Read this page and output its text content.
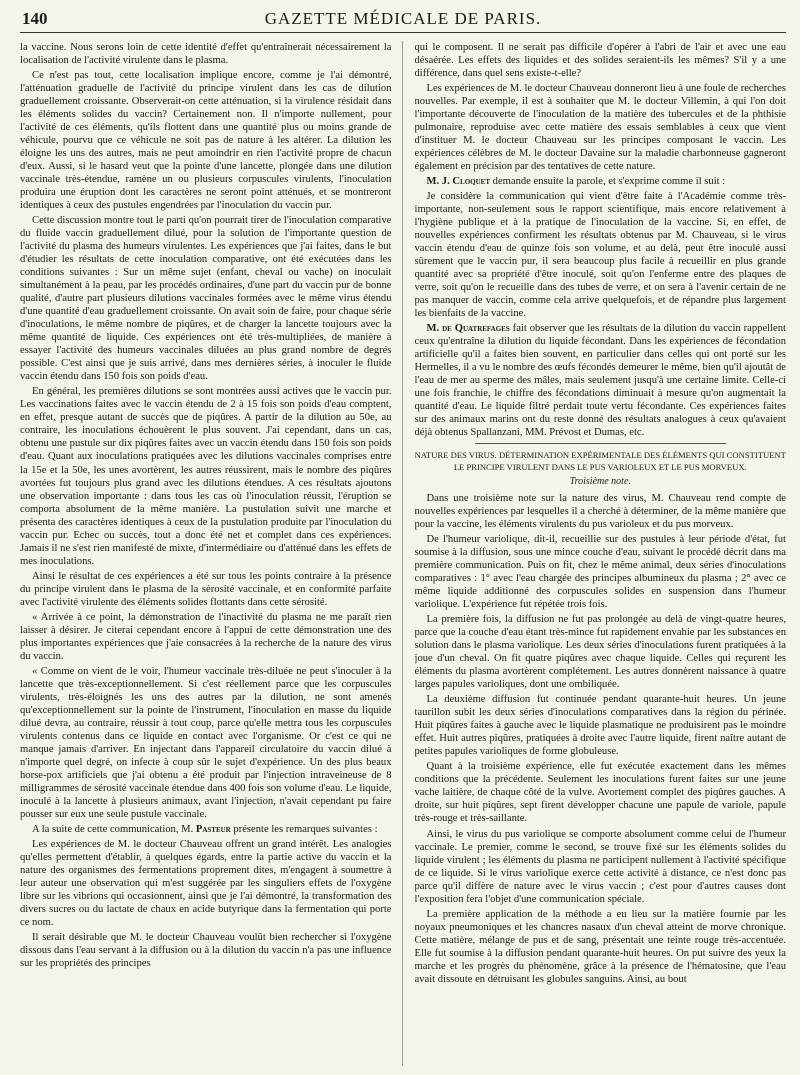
140	GAZETTE MÉDICALE DE PARIS.

la vaccine. Nous serons loin de cette identité d'effet qu'entraînerait nécessairement la localisation de l'activité virulente dans le plasma.

Ce n'est pas tout, cette localisation implique encore, comme je l'ai démontré, l'atténuation graduelle de l'activité du principe virulent dans les cas de dilution graduellement croissante. Observerait-on cette atténuation, si la virulence résidait dans les éléments solides du vaccin? Certainement non. Il n'importe nullement, pour l'activité de ces éléments, qu'ils flottent dans une quantité plus ou moins grande de véhicule, pourvu que ce véhicule ne soit pas de nature à les altérer. La dilution les éloigne les uns des autres, mais ne peut amoindrir en rien l'activité propre de chacun d'eux. Aussi, si le hasard veut que la pointe d'une lancette, plongée dans une dilution vaccinale très-étendue, ramène un ou plusieurs corpuscules virulents, l'inoculation produira une éruption dont les caractères ne seront point atténués, et se montreront identiques à ceux des pustules engendrées par l'inoculation du vaccin pur.

Cette discussion montre tout le parti qu'on pourrait tirer de l'inoculation comparative du fluide vaccin graduellement dilué, pour la solution de l'importante question de l'activité du plasma des humeurs virulentes. Les expériences que j'ai faites, dans le but d'étudier les résultats de cette inoculation comparative, ont été exécutées dans les conditions suivantes : Sur un même sujet (enfant, cheval ou vache) on inoculait simultanément à la peau, par les procédés ordinaires, d'une part du vaccin pur de bonne qualité, d'autre part plusieurs dilutions vaccinales formées avec le même virus étendu d'une quantité d'eau graduellement croissante. On avait soin de faire, pour chaque série d'inoculations, le même nombre de piqûres, et de charger la lancette toujours avec la même quantité de liquide. Ces expériences ont été très-multipliées, de manière à essayer l'activité des humeurs vaccinales diluées au plus grand nombre de degrés possible. C'est ainsi que je suis arrivé, dans mes dernières séries, à inoculer le fluide vaccin étendu dans 150 fois son poids d'eau.

En général, les premières dilutions se sont montrées aussi actives que le vaccin pur. Les vaccinations faites avec le vaccin étendu de 2 à 15 fois son poids d'eau comptent, en effet, presque autant de succès que de piqûres. A partir de la dilution au 50e, au contraire, les inoculations échouèrent le plus souvent. J'ai cependant, dans un cas, obtenu une pustule sur dix piqûres faites avec un vaccin étendu dans 150 fois son poids d'eau. Quant aux inoculations pratiquées avec les dilutions vaccinales comprises entre la 15e et la 50e, les unes avortèrent, les autres réussirent, mais le nombre des piqûres avortées fut toujours plus grand avec les dilutions étendues. A ces résultats ajoutons une observation importante : dans tous les cas où l'inoculation réussit, l'éruption se comporta absolument de la même manière. La pustulation suivit une marche et présenta des caractères identiques à ceux de la pustulation produite par l'inoculation du vaccin pur. Echec ou succès, tout a donc été net et complet dans ces expériences. Jamais il ne s'est rien manifesté de mixte, d'intermédiaire ou d'atténué dans les effets de mes inoculations.

Ainsi le résultat de ces expériences a été sur tous les points contraire à la présence du principe virulent dans le plasma de la sérosité vaccinale, et en conformité parfaite avec l'activité virulente des éléments solides flottants dans cette sérosité.

« Arrivée à ce point, la démonstration de l'inactivité du plasma ne me paraît rien laisser à désirer. Je citerai cependant encore à l'appui de cette démonstration une des plus importantes expériences que j'aie consacrées à la recherche de la nature des virus du vaccin.

« Comme on vient de le voir, l'humeur vaccinale très-diluée ne peut s'inoculer à la lancette que très-exceptionnellement. Si c'est réellement parce que les corpuscules virulents, très-éloignés les uns des autres par la dilution, ne sont amenés qu'exceptionnellement sur la pointe de l'instrument, l'inoculation en masse du liquide dilué devra, au contraire, réussir à tout coup, parce qu'elle mettra tous les corpuscules virulents contenus dans ce liquide en contact avec l'organisme. Or c'est ce qui ne manque jamais d'arriver. En injectant dans l'appareil circulatoire du vaccin dilué à n'importe quel degré, on infecte à coup sûr le sujet d'expérience. Un des plus beaux horse-pox artificiels que j'ai obtenu a été produit par l'injection intraveineuse de 8 milligrammes de sérosité vaccinale étendue dans 400 fois son volume d'eau. Le liquide, inoculé à la lancette à plusieurs animaux, avant l'injection, n'avait cependant pu faire pousser sur eux une seule pustule vaccinale.

A la suite de cette communication, M. Pasteur présente les remarques suivantes :

Les expériences de M. le docteur Chauveau offrent un grand intérêt. Les analogies qu'elles permettent d'établir, à quelques égards, entre la partie active du vaccin et la nature des organismes des fermentations proprement dites, m'engagent à soumettre à leur auteur une observation qui m'est suggérée par les singuliers effets de l'oxygène libre sur les vibrions qui occasionnent, ainsi que je l'ai démontré, la transformation des divers sucres ou du lactate de chaux en acide butyrique dans la fermentation qui porte ce nom.

Il serait désirable que M. le docteur Chauveau voulût bien rechercher si l'oxygène dissous dans l'eau servant à la diffusion ou à la dilution du vaccin n'a pas une influence sur les propriétés des principes

qui le composent. Il ne serait pas difficile d'opérer à l'abri de l'air et avec une eau désaérée. Les effets des liquides et des solides seraient-ils les mêmes? S'il y a une différence, dans quel sens existe-t-elle?

Les expériences de M. le docteur Chauveau donneront lieu à une foule de recherches nouvelles. Par exemple, il est à souhaiter que M. le docteur Villemin, à qui l'on doit l'importante découverte de l'inoculation de la matière des tubercules et de la phthisie pulmonaire, reproduise avec cette matière des essais semblables à ceux que vient d'instituer M. le docteur Chauveau sur les principes composant le vaccin. Les expériences célèbres de M. le docteur Davaine sur la maladie charbonneuse gagneront également en précision par des tentatives de cette nature.

M. J. Cloquet demande ensuite la parole, et s'exprime comme il suit :

Je considère la communication qui vient d'être faite à l'Académie comme très-importante, non-seulement sous le rapport scientifique, mais encore relativement à l'hygiène publique et à la pratique de l'inoculation de la vaccine. Si, en effet, de nouvelles expériences confirment les résultats obtenus par M. Chauveau, si le virus vaccin étendu d'eau de quinze fois son volume, et au delà, peut être inoculé aussi sûrement que le vaccin pur, il sera beaucoup plus facile à recueillir en plus grande quantité avec sa propriété d'être inoculé, soit qu'on l'enferme entre des plaques de verre, soit qu'on le recueille dans des tubes de verre, et on sera à l'avenir certain de ne pas manquer de vaccin, comme cela arrive quelquefois, et de répandre plus largement les bienfaits de la vaccine.

M. de Quatrefages fait observer que les résultats de la dilution du vaccin rappellent ceux qu'entraîne la dilution du liquide fécondant. Dans les expériences de fécondation artificielle qu'il a faites bien souvent, en particulier dans celles qui ont porté sur les Hermelles, il a vu le nombre des œufs fécondés demeurer le même, bien qu'il ajoutât de l'eau de mer au sperme des mâles, mais seulement jusqu'à une certaine limite. Celle-ci une fois franchie, le chiffre des fécondations diminuait à mesure qu'on augmentait la quantité d'eau. Le liquide filtré perdait toute vertu fécondante. Ces expériences faites sur des animaux marins ont du reste donné des résultats analogues à ceux qu'avaient déjà obtenus Spallanzani, MM. Prévost et Dumas, etc.

NATURE DES VIRUS. DÉTERMINATION EXPÉRIMENTALE DES ÉLÉMENTS QUI CONSTITUENT LE PRINCIPE VIRULENT DANS LE PUS VARIOLEUX ET LE PUS MORVEUX.

Troisième note.

Dans une troisième note sur la nature des virus, M. Chauveau rend compte de nouvelles expériences par lesquelles il a cherché à déterminer, de la même manière que pour la vaccine, les éléments virulents du pus varioleux et du pus morveux.

De l'humeur variolique, dit-il, recueillie sur des pustules à leur période d'état, fut soumise à la diffusion, sous une mince couche d'eau, suivant le procédé décrit dans ma première communication. Puis on fit, chez le même animal, deux séries d'inoculations comparatives : 1° avec l'eau chargée des principes albumineux du plasma ; 2° avec ce même liquide additionné des corpuscules solides en suspension dans l'humeur variolique. L'expérience fut répétée trois fois.

La première fois, la diffusion ne fut pas prolongée au delà de vingt-quatre heures, parce que la couche d'eau étant très-mince fut rapidement envahie par les substances en solution dans le plasma variolique. Les deux séries d'inoculations furent pratiquées à la joue d'un cheval. On fit quatre piqûres avec chaque liquide. Celles qui reçurent les éléments du plasma avortèrent complétement. Les autres donnèrent naissance à quatre larges papules varioliques, dont une ombiliquée.

La deuxième diffusion fut continuée pendant quarante-huit heures. Un jeune taurillon subit les deux séries d'inoculations comparatives dans la région du périnée. Huit piqûres faites à gauche avec le liquide plasmatique ne produisirent pas le moindre effet. Huit autres piqûres, pratiquées à droite avec l'autre liquide, firent naître autant de petites papules varioliques de forme globuleuse.

Quant à la troisième expérience, elle fut exécutée exactement dans les mêmes conditions que la précédente. Seulement les inoculations furent faites sur une jeune vache laitière, de chaque côté de la vulve. Avortement complet des piqûres gauches. A droite, sur huit piqûres, sept firent développer chacune une papule de variole, papule très-rouge et très-saillante.

Ainsi, le virus du pus variolique se comporte absolument comme celui de l'humeur vaccinale. Le premier, comme le second, se trouve fixé sur les éléments solides du liquide virulent ; les éléments du plasma ne participent nullement à l'activité spécifique de ce liquide. Si le virus variolique exerce cette activité à distance, ce n'est donc pas parce qu'il diffère de nature avec le virus vaccin ; c'est pour d'autres causes dont l'exposition fera l'objet d'une communication spéciale.

La première application de la méthode a eu lieu sur la matière fournie par les noyaux pneumoniques et les chancres nasaux d'un cheval atteint de morve chronique. Cette matière, mélange de pus et de sang, présentait une teinte rouge très-accentuée. Elle fut soumise à la diffusion pendant quarante-huit heures. On put suivre des yeux la marche et les progrès du phénomène, grâce à la présence de l'hématosine, que l'eau avait dissoute en détruisant les globules sanguins. Ainsi, au bout
